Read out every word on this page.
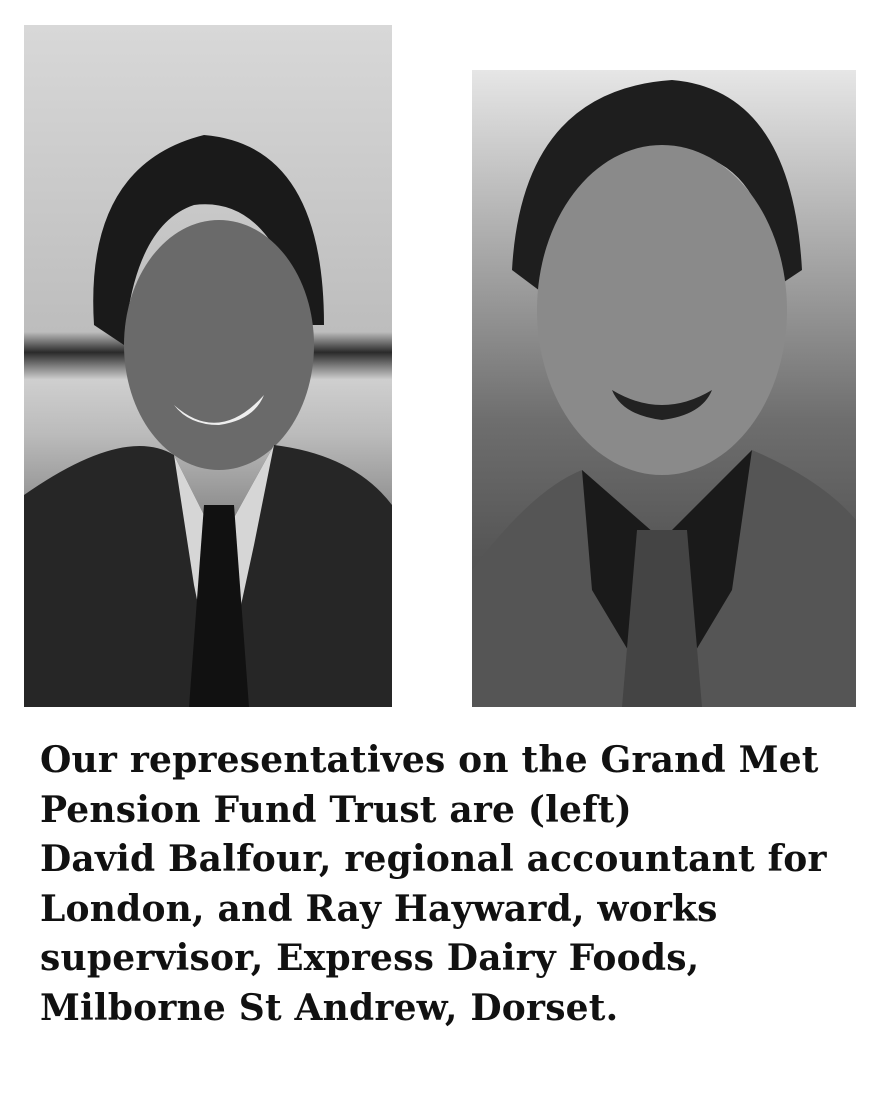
Our representatives on the Grand Met
Pension Fund Trust are (left)
David Balfour, regional accountant for
London, and Ray Hayward, works
supervisor, Express Dairy Foods,
Milborne St Andrew, Dorset.
